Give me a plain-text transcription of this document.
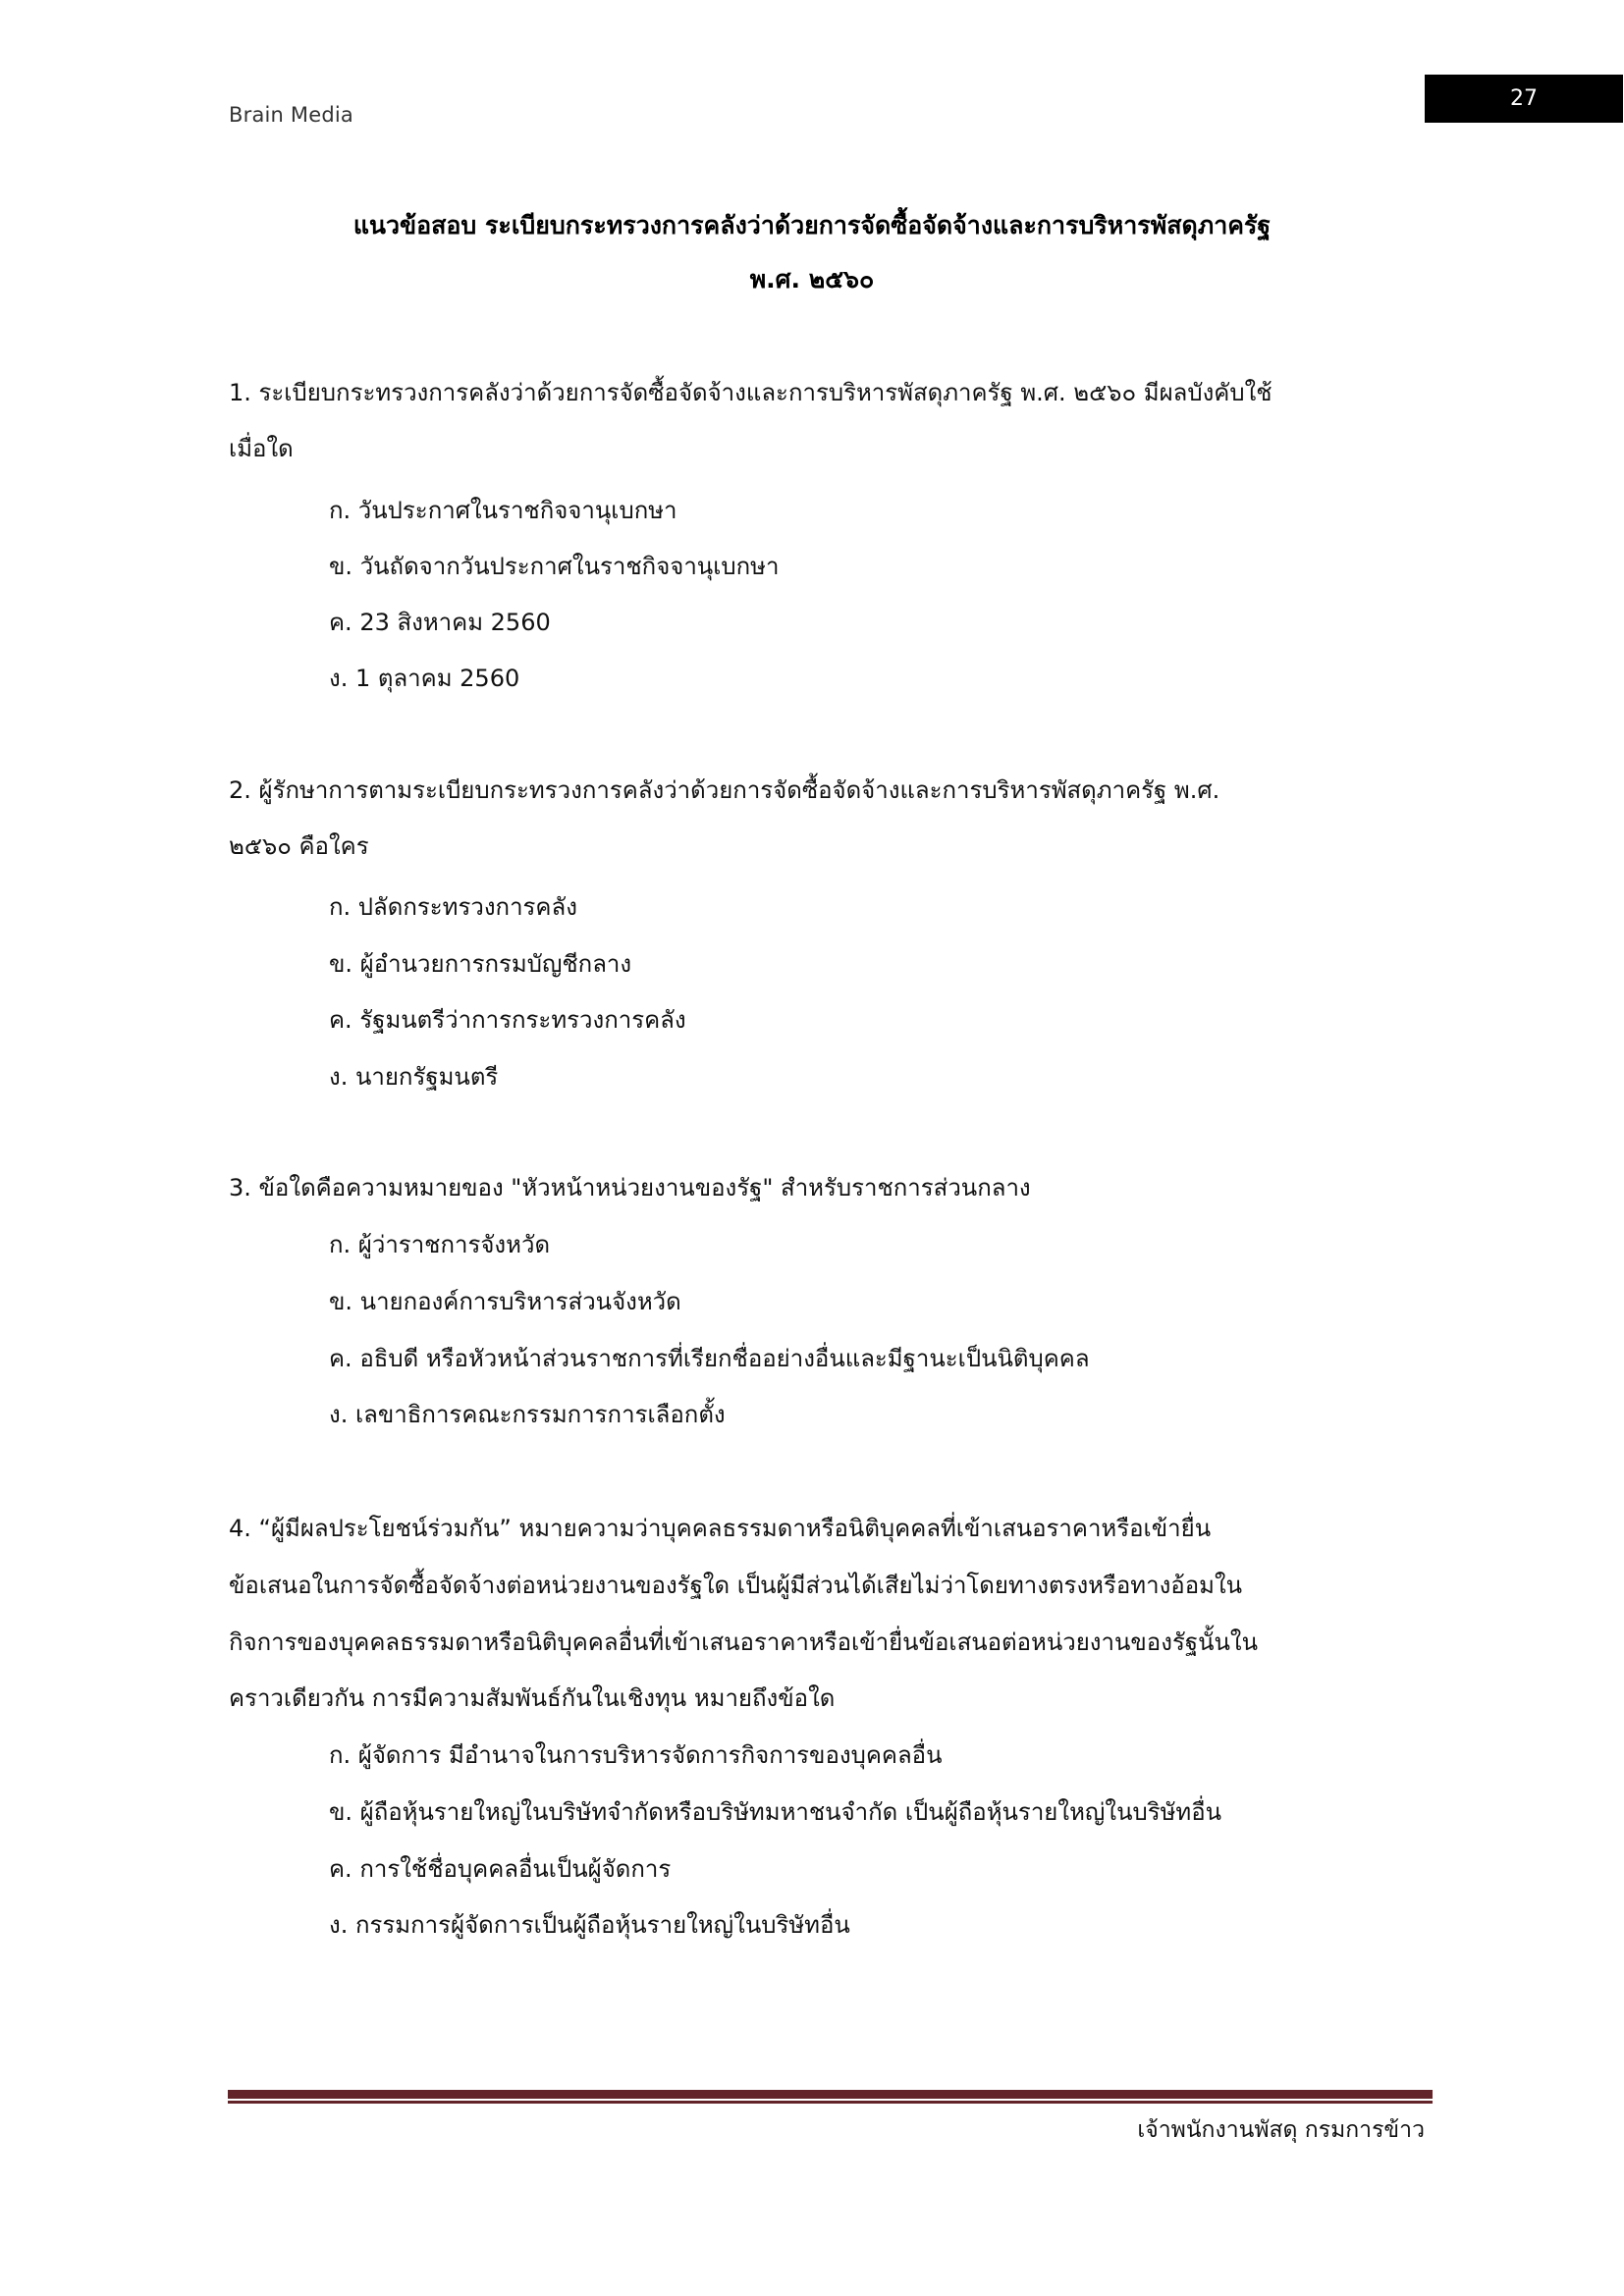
Brain Media
27
แนวข้อสอบ ระเบียบกระทรวงการคลังว่าด้วยการจัดซื้อจัดจ้างและการบริหารพัสดุภาครัฐ
พ.ศ. ๒๕๖๐
1. ระเบียบกระทรวงการคลังว่าด้วยการจัดซื้อจัดจ้างและการบริหารพัสดุภาครัฐ พ.ศ. ๒๕๖๐ มีผลบังคับใช้
เมื่อใด
ก. วันประกาศในราชกิจจานุเบกษา
ข. วันถัดจากวันประกาศในราชกิจจานุเบกษา
ค. 23 สิงหาคม 2560
ง. 1 ตุลาคม 2560
2. ผู้รักษาการตามระเบียบกระทรวงการคลังว่าด้วยการจัดซื้อจัดจ้างและการบริหารพัสดุภาครัฐ พ.ศ.
๒๕๖๐ คือใคร
ก. ปลัดกระทรวงการคลัง
ข. ผู้อำนวยการกรมบัญชีกลาง
ค. รัฐมนตรีว่าการกระทรวงการคลัง
ง. นายกรัฐมนตรี
3. ข้อใดคือความหมายของ "หัวหน้าหน่วยงานของรัฐ" สำหรับราชการส่วนกลาง
ก. ผู้ว่าราชการจังหวัด
ข. นายกองค์การบริหารส่วนจังหวัด
ค. อธิบดี หรือหัวหน้าส่วนราชการที่เรียกชื่ออย่างอื่นและมีฐานะเป็นนิติบุคคล
ง. เลขาธิการคณะกรรมการการเลือกตั้ง
4. “ผู้มีผลประโยชน์ร่วมกัน” หมายความว่าบุคคลธรรมดาหรือนิติบุคคลที่เข้าเสนอราคาหรือเข้ายื่น
ข้อเสนอในการจัดซื้อจัดจ้างต่อหน่วยงานของรัฐใด เป็นผู้มีส่วนได้เสียไม่ว่าโดยทางตรงหรือทางอ้อมใน
กิจการของบุคคลธรรมดาหรือนิติบุคคลอื่นที่เข้าเสนอราคาหรือเข้ายื่นข้อเสนอต่อหน่วยงานของรัฐนั้นใน
คราวเดียวกัน การมีความสัมพันธ์กันในเชิงทุน หมายถึงข้อใด
ก. ผู้จัดการ มีอำนาจในการบริหารจัดการกิจการของบุคคลอื่น
ข. ผู้ถือหุ้นรายใหญ่ในบริษัทจำกัดหรือบริษัทมหาชนจำกัด เป็นผู้ถือหุ้นรายใหญ่ในบริษัทอื่น
ค. การใช้ชื่อบุคคลอื่นเป็นผู้จัดการ
ง. กรรมการผู้จัดการเป็นผู้ถือหุ้นรายใหญ่ในบริษัทอื่น
เจ้าพนักงานพัสดุ กรมการข้าว
